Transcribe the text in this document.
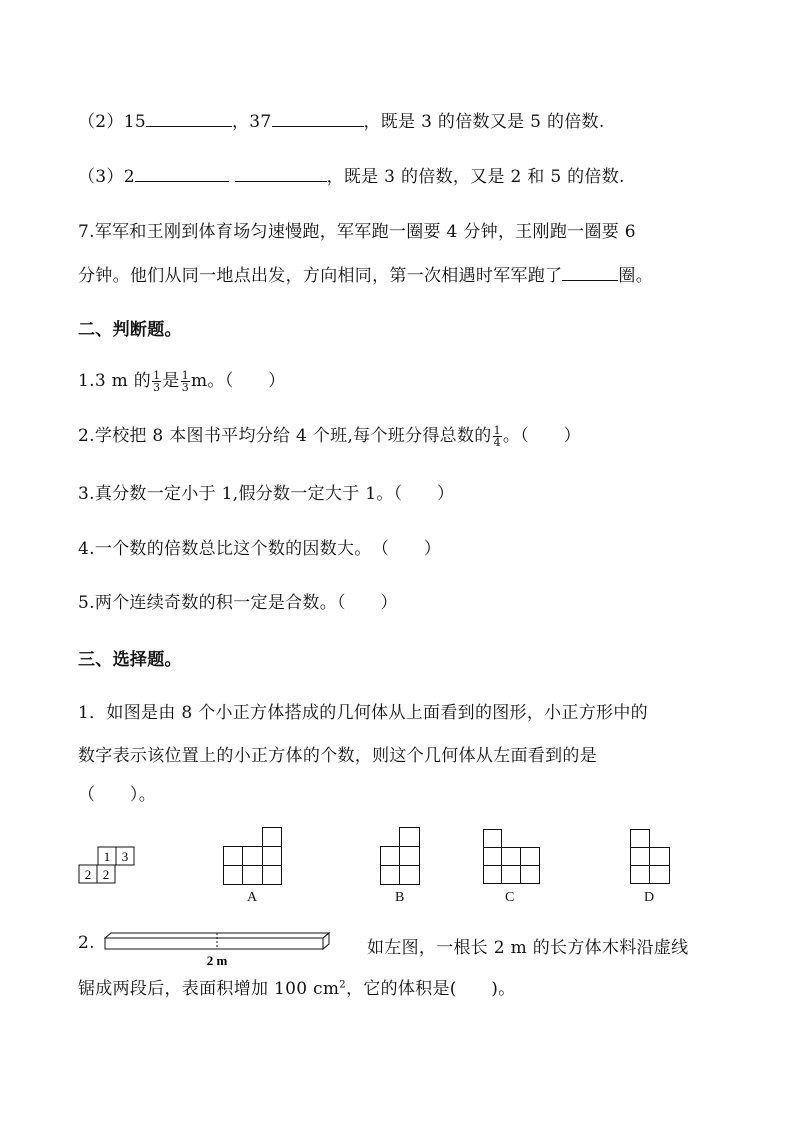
（2）15	，37	，既是 3 的倍数又是 5 的倍数.
（3）2	，既是 3 的倍数，又是 2 和 5 的倍数.
7.军军和王刚到体育场匀速慢跑，军军跑一圈要 4 分钟，王刚跑一圈要 6
分钟。他们从同一地点出发，方向相同，第一次相遇时军军跑了	圈。
二、判断题。
1.3 m 的 $\frac{1}{3}$ 是 $\frac{1}{3}$ m。（　　）
2.学校把 8 本图书平均分给 4 个班,每个班分得总数的 $\frac{1}{4}$ 。（　　）
3.真分数一定小于 1,假分数一定大于 1。（　　）
4.一个数的倍数总比这个数的因数大。　（　　）
5.两个连续奇数的积一定是合数。（　　）
三、选择题。
1．如图是由 8 个小正方体搭成的几何体从上面看到的图形，小正方形中的
数字表示该位置上的小正方体的个数，则这个几何体从左面看到的是
（　　）。
1 3
2 2
A	B	C	D
2.
2 m
如左图，一根长 2 m 的长方体木料沿虚线
锯成两段后，表面积增加 100 $cm^2$，它的体积是(　　)。
